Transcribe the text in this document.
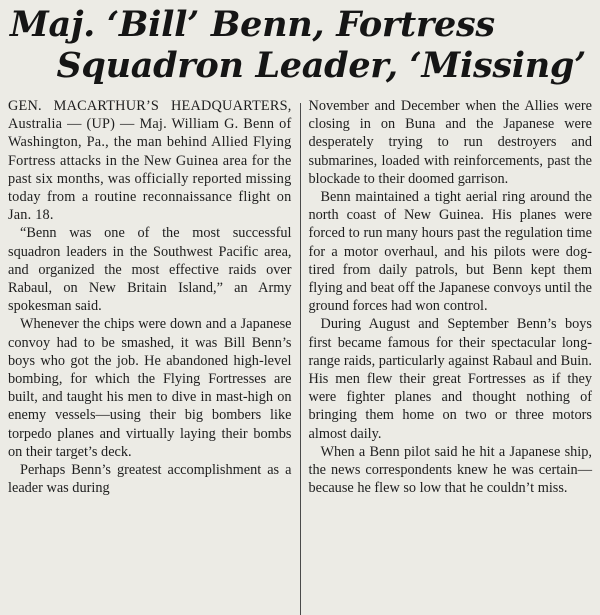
Maj. ‘Bill’ Benn, Fortress
Squadron Leader, ‘Missing’

GEN. MACARTHUR’S HEADQUARTERS, Australia — (UP) — Maj. William G. Benn of Washington, Pa., the man behind Allied Flying Fortress attacks in the New Guinea area for the past six months, was officially reported missing today from a routine reconnaissance flight on Jan. 18.

“Benn was one of the most successful squadron leaders in the Southwest Pacific area, and organized the most effective raids over Rabaul, on New Britain Island,” an Army spokesman said.

Whenever the chips were down and a Japanese convoy had to be smashed, it was Bill Benn’s boys who got the job. He abandoned high-level bombing, for which the Flying Fortresses are built, and taught his men to dive in mast-high on enemy vessels—using their big bombers like torpedo planes and virtually laying their bombs on their target’s deck.

Perhaps Benn’s greatest accomplishment as a leader was during

November and December when the Allies were closing in on Buna and the Japanese were desperately trying to run destroyers and submarines, loaded with reinforcements, past the blockade to their doomed garrison.

Benn maintained a tight aerial ring around the north coast of New Guinea. His planes were forced to run many hours past the regulation time for a motor overhaul, and his pilots were dog-tired from daily patrols, but Benn kept them flying and beat off the Japanese convoys until the ground forces had won control.

During August and September Benn’s boys first became famous for their spectacular long-range raids, particularly against Rabaul and Buin. His men flew their great Fortresses as if they were fighter planes and thought nothing of bringing them home on two or three motors almost daily.

When a Benn pilot said he hit a Japanese ship, the news correspondents knew he was certain—because he flew so low that he couldn’t miss.
